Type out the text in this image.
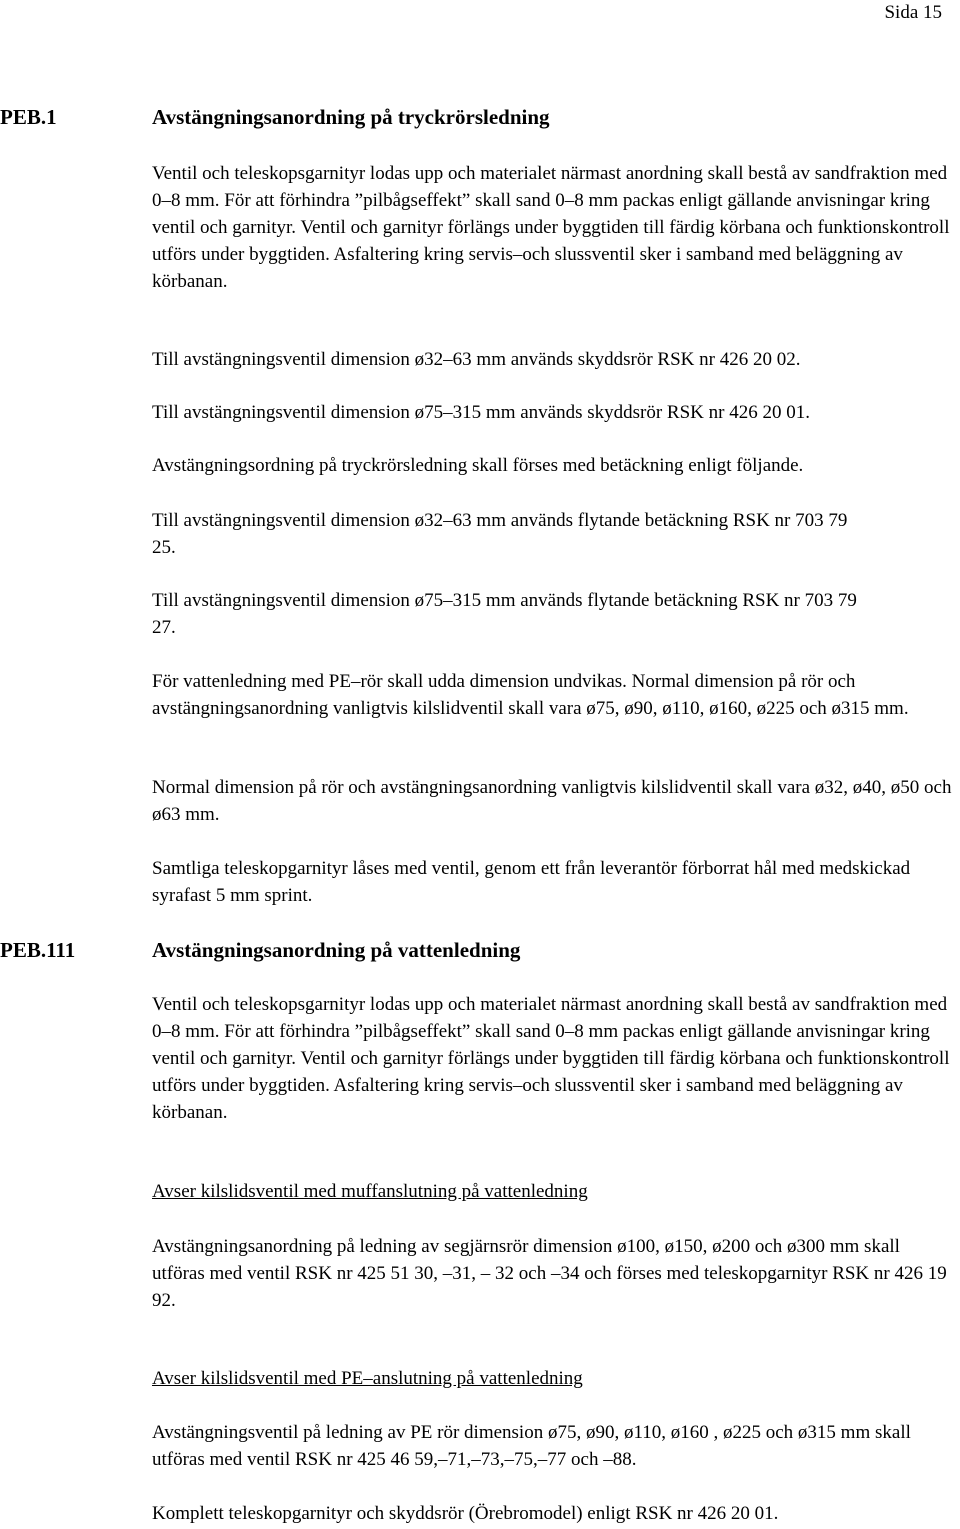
Sida 15
PEB.1	Avstängningsanordning på tryckrörsledning

Ventil och teleskopsgarnityr lodas upp och materialet närmast anordning skall bestå av sandfraktion med 0–8 mm. För att förhindra ”pilbågseffekt” skall sand 0–8 mm packas enligt gällande anvisningar kring ventil och garnityr. Ventil och garnityr förlängs under byggtiden till färdig körbana och funktionskontroll utförs under byggtiden. Asfaltering kring servis–och slussventil sker i samband med beläggning av körbanan.

Till avstängningsventil dimension ø32–63 mm används skyddsrör RSK nr 426 20 02.

Till avstängningsventil dimension ø75–315 mm används skyddsrör RSK nr 426 20 01.

Avstängningsordning på tryckrörsledning skall förses med betäckning enligt följande.

Till avstängningsventil dimension ø32–63 mm används flytande betäckning RSK nr 703 79 25.

Till avstängningsventil dimension ø75–315 mm används flytande betäckning RSK nr 703 79 27.

För vattenledning med PE–rör skall udda dimension undvikas. Normal dimension på rör och avstängningsanordning vanligtvis kilslidventil skall vara ø75, ø90, ø110, ø160, ø225 och ø315 mm.

Normal dimension på rör och avstängningsanordning vanligtvis kilslidventil skall vara ø32, ø40, ø50 och ø63 mm.

Samtliga teleskopgarnityr låses med ventil, genom ett från leverantör förborrat hål med medskickad syrafast 5 mm sprint.

PEB.111	Avstängningsanordning på vattenledning

Ventil och teleskopsgarnityr lodas upp och materialet närmast anordning skall bestå av sandfraktion med 0–8 mm. För att förhindra ”pilbågseffekt” skall sand 0–8 mm packas enligt gällande anvisningar kring ventil och garnityr. Ventil och garnityr förlängs under byggtiden till färdig körbana och funktionskontroll utförs under byggtiden. Asfaltering kring servis–och slussventil sker i samband med beläggning av körbanan.

Avser kilslidsventil med muffanslutning på vattenledning

Avstängningsanordning på ledning av segjärnsrör dimension ø100, ø150, ø200 och ø300 mm skall utföras med ventil RSK nr 425 51 30, –31, – 32 och –34 och förses med teleskopgarnityr RSK nr 426 19 92.

Avser kilslidsventil med PE–anslutning på vattenledning

Avstängningsventil på ledning av PE rör dimension ø75, ø90, ø110, ø160 , ø225 och ø315 mm skall utföras med ventil RSK nr 425 46 59,–71,–73,–75,–77 och –88.

Komplett teleskopgarnityr och skyddsrör (Örebromodel) enligt RSK nr 426 20 01.
